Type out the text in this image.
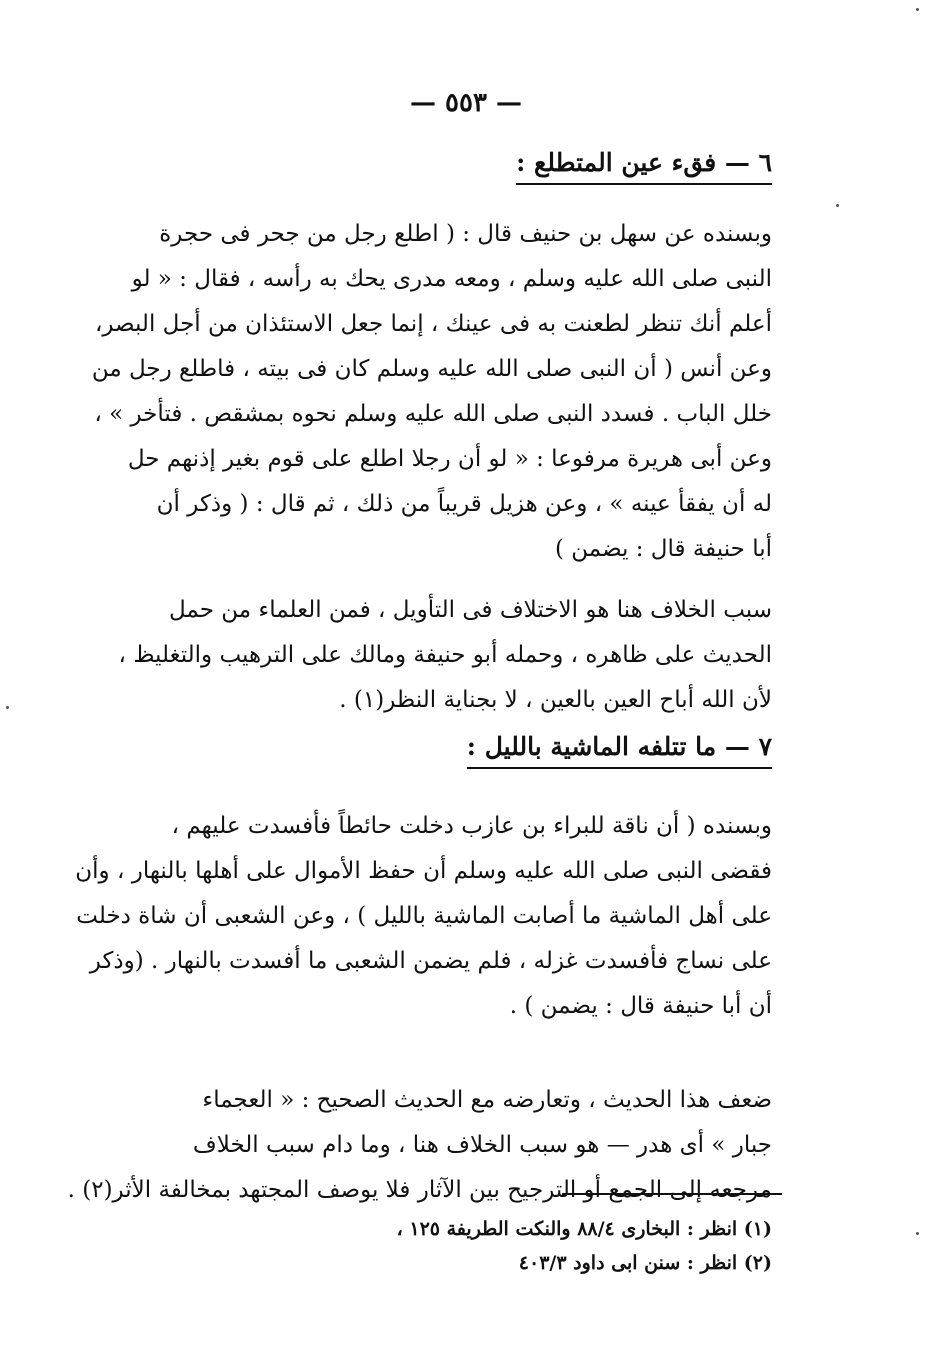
— ٥٥٣ —
٦ — فقء عين المتطلع :

وبسنده عن سهل بن حنيف قال : ( اطلع رجل من جحر فى حجرة
النبى صلى الله عليه وسلم ، ومعه مدرى يحك به رأسه ، فقال : « لو
أعلم أنك تنظر لطعنت به فى عينك ، إنما جعل الاستئذان من أجل البصر،
وعن أنس ( أن النبى صلى الله عليه وسلم كان فى بيته ، فاطلع رجل من
خلل الباب . فسدد النبى صلى الله عليه وسلم نحوه بمشقص . فتأخر » ،
وعن أبى هريرة مرفوعا : « لو أن رجلا اطلع على قوم بغير إذنهم حل
له أن يفقأ عينه » ، وعن هزيل قريباً من ذلك ، ثم قال : ( وذكر أن
أبا حنيفة قال : يضمن )

سبب الخلاف هنا هو الاختلاف فى التأويل ، فمن العلماء من حمل
الحديث على ظاهره ، وحمله أبو حنيفة ومالك على الترهيب والتغليظ ،
لأن الله أباح العين بالعين ، لا بجناية النظر(١) .

٧ — ما تتلفه الماشية بالليل :

وبسنده ( أن ناقة للبراء بن عازب دخلت حائطاً فأفسدت عليهم ،
فقضى النبى صلى الله عليه وسلم أن حفظ الأموال على أهلها بالنهار ، وأن
على أهل الماشية ما أصابت الماشية بالليل ) ، وعن الشعبى أن شاة دخلت
على نساج فأفسدت غزله ، فلم يضمن الشعبى ما أفسدت بالنهار . (وذكر
أن أبا حنيفة قال : يضمن ) .

ضعف هذا الحديث ، وتعارضه مع الحديث الصحيح : « العجماء
جبار » أى هدر — هو سبب الخلاف هنا ، وما دام سبب الخلاف
مرجعه إلى الجمع أو الترجيح بين الآثار فلا يوصف المجتهد بمخالفة الأثر(٢) .

(١) انظر : البخارى ٨٨/٤ والنكت الطريفة ١٢٥ ،
(٢) انظر : سنن ابى داود ٤٠٣/٣
